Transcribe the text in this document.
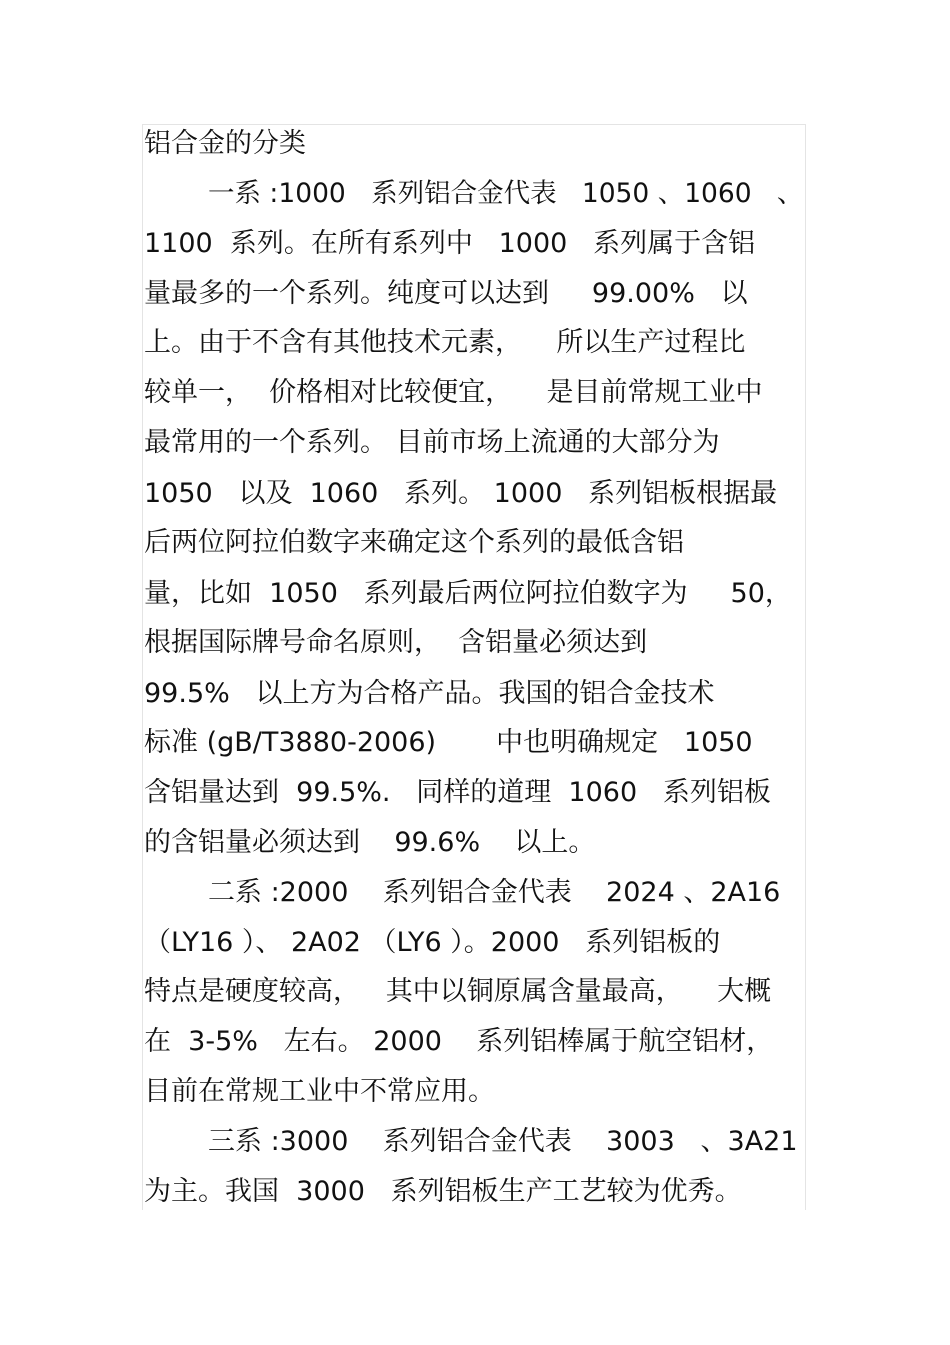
铝合金的分类
一系 :1000   系列铝合金代表   1050 、1060   、
1100  系列。在所有系列中   1000   系列属于含铝
量最多的一个系列。纯度可以达到     99.00%   以
上。由于不含有其他技术元素，    所以生产过程比
较单一，  价格相对比较便宜，    是目前常规工业中
最常用的一个系列。 目前市场上流通的大部分为
1050   以及  1060   系列。 1000   系列铝板根据最
后两位阿拉伯数字来确定这个系列的最低含铝
量，比如  1050   系列最后两位阿拉伯数字为     50，
根据国际牌号命名原则，  含铝量必须达到
99.5%   以上方为合格产品。我国的铝合金技术
标准 (gB/T3880-2006)       中也明确规定   1050
含铝量达到  99.5%.   同样的道理  1060   系列铝板
的含铝量必须达到    99.6%    以上。
二系 :2000    系列铝合金代表    2024 、2A16
（LY16 ）、 2A02 （LY6 ）。2000   系列铝板的
特点是硬度较高，   其中以铜原属含量最高，    大概
在  3-5%   左右。 2000    系列铝棒属于航空铝材，
目前在常规工业中不常应用。
三系 :3000    系列铝合金代表    3003   、3A21
为主。我国  3000   系列铝板生产工艺较为优秀。
